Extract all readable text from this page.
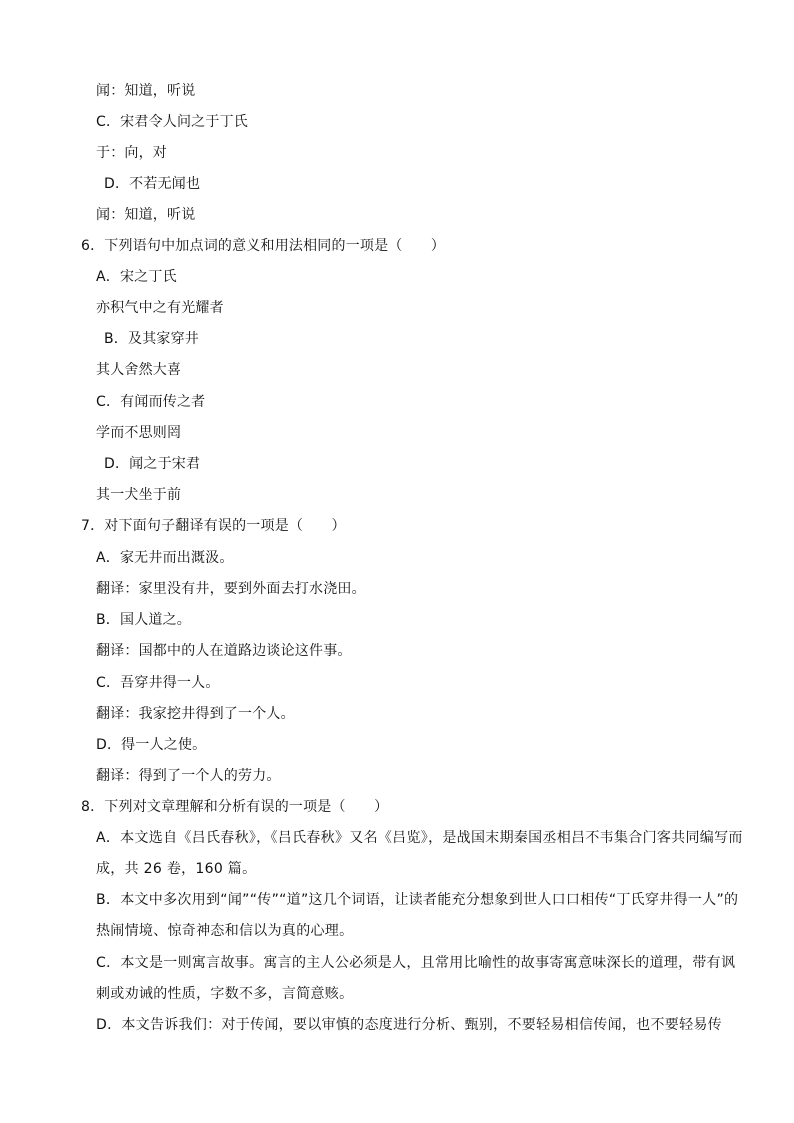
闻：知道，听说
C．宋君令人问之于丁氏
于：向，对
D．不若无闻也
闻：知道，听说
6．下列语句中加点词的意义和用法相同的一项是（　　）
A．宋之丁氏
亦积气中之有光耀者
B．及其家穿井
其人舍然大喜
C．有闻而传之者
学而不思则罔
D．闻之于宋君
其一犬坐于前
7．对下面句子翻译有误的一项是（　　）
A．家无井而出溉汲。
翻译：家里没有井，要到外面去打水浇田。
B．国人道之。
翻译：国都中的人在道路边谈论这件事。
C．吾穿井得一人。
翻译：我家挖井得到了一个人。
D．得一人之使。
翻译：得到了一个人的劳力。
8．下列对文章理解和分析有误的一项是（　　）
A．本文选自《吕氏春秋》，《吕氏春秋》又名《吕览》，是战国末期秦国丞相吕不韦集合门客共同编写而成，共 26 卷，160 篇。
B．本文中多次用到“闻”“传”“道”这几个词语，让读者能充分想象到世人口口相传“丁氏穿井得一人”的热闹情境、惊奇神态和信以为真的心理。
C．本文是一则寓言故事。寓言的主人公必须是人，且常用比喻性的故事寄寓意味深长的道理，带有讽刺或劝诫的性质，字数不多，言简意赅。
D．本文告诉我们：对于传闻，要以审慎的态度进行分析、甄别，不要轻易相信传闻，也不要轻易传
